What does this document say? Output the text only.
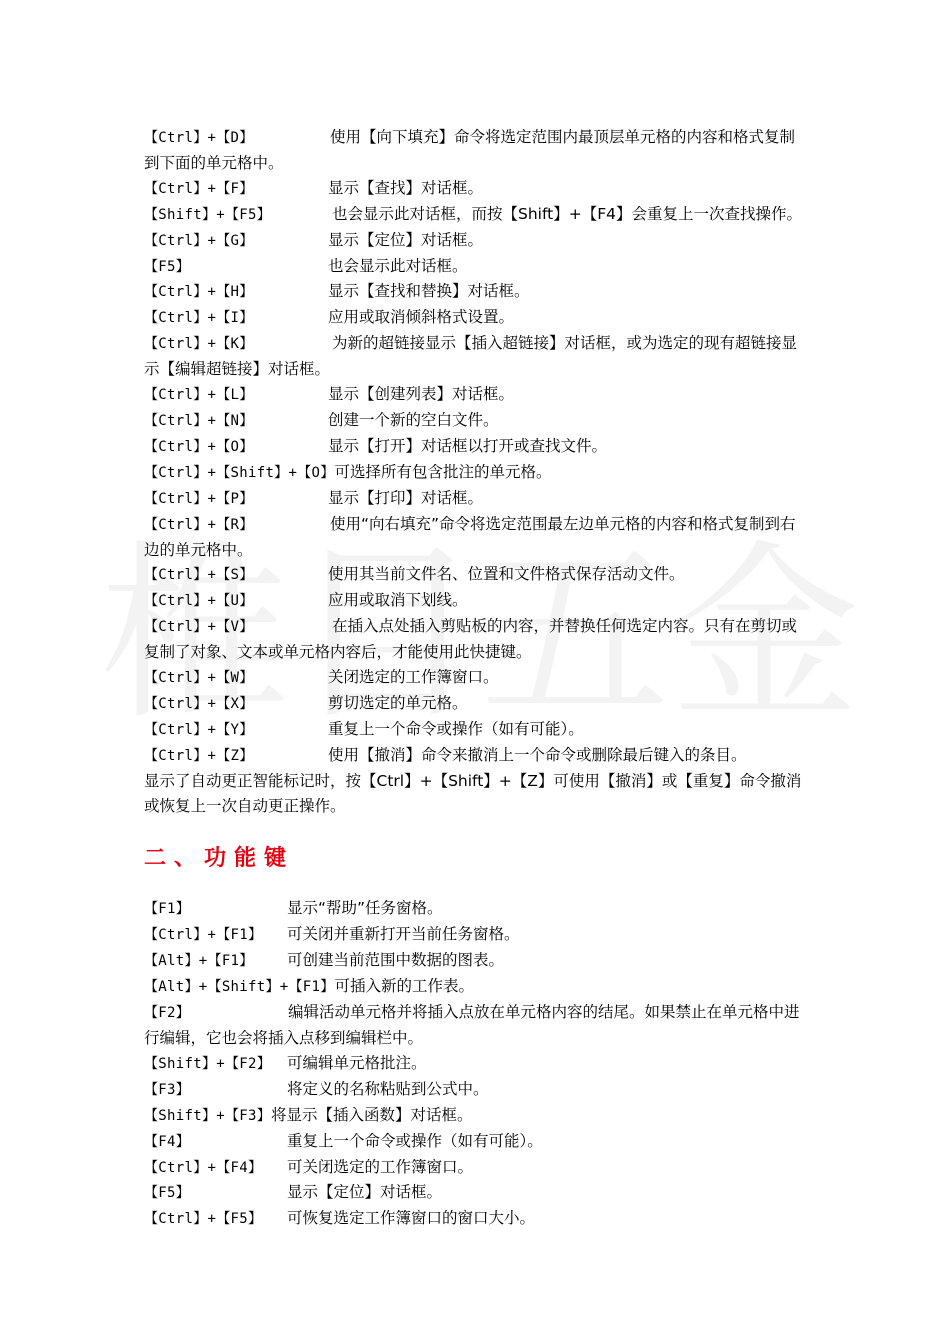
【Ctrl】+【D】	使用【向下填充】命令将选定范围内最顶层单元格的内容和格式复制到下面的单元格中。
【Ctrl】+【F】	显示【查找】对话框。
【Shift】+【F5】	也会显示此对话框，而按【Shift】+【F4】会重复上一次查找操作。
【Ctrl】+【G】	显示【定位】对话框。
【F5】	也会显示此对话框。
【Ctrl】+【H】	显示【查找和替换】对话框。
【Ctrl】+【I】	应用或取消倾斜格式设置。
【Ctrl】+【K】	为新的超链接显示【插入超链接】对话框，或为选定的现有超链接显示【编辑超链接】对话框。
【Ctrl】+【L】	显示【创建列表】对话框。
【Ctrl】+【N】	创建一个新的空白文件。
【Ctrl】+【O】	显示【打开】对话框以打开或查找文件。
【Ctrl】+【Shift】+【O】可选择所有包含批注的单元格。
【Ctrl】+【P】	显示【打印】对话框。
【Ctrl】+【R】	使用“向右填充”命令将选定范围最左边单元格的内容和格式复制到右边的单元格中。
【Ctrl】+【S】	使用其当前文件名、位置和文件格式保存活动文件。
【Ctrl】+【U】	应用或取消下划线。
【Ctrl】+【V】	在插入点处插入剪贴板的内容，并替换任何选定内容。只有在剪切或复制了对象、文本或单元格内容后，才能使用此快捷键。
【Ctrl】+【W】	关闭选定的工作簿窗口。
【Ctrl】+【X】	剪切选定的单元格。
【Ctrl】+【Y】	重复上一个命令或操作（如有可能）。
【Ctrl】+【Z】	使用【撤消】命令来撤消上一个命令或删除最后键入的条目。
显示了自动更正智能标记时，按【Ctrl】+【Shift】+【Z】可使用【撤消】或【重复】命令撤消或恢复上一次自动更正操作。
二、功能键
【F1】	显示“帮助”任务窗格。
【Ctrl】+【F1】 可关闭并重新打开当前任务窗格。
【Alt】+【F1】 可创建当前范围中数据的图表。
【Alt】+【Shift】+【F1】可插入新的工作表。
【F2】	编辑活动单元格并将插入点放在单元格内容的结尾。如果禁止在单元格中进行编辑，它也会将插入点移到编辑栏中。
【Shift】+【F2】 可编辑单元格批注。
【F3】	将定义的名称粘贴到公式中。
【Shift】+【F3】将显示【插入函数】对话框。
【F4】	重复上一个命令或操作（如有可能）。
【Ctrl】+【F4】 可关闭选定的工作簿窗口。
【F5】	显示【定位】对话框。
【Ctrl】+【F5】 可恢复选定工作簿窗口的窗口大小。
